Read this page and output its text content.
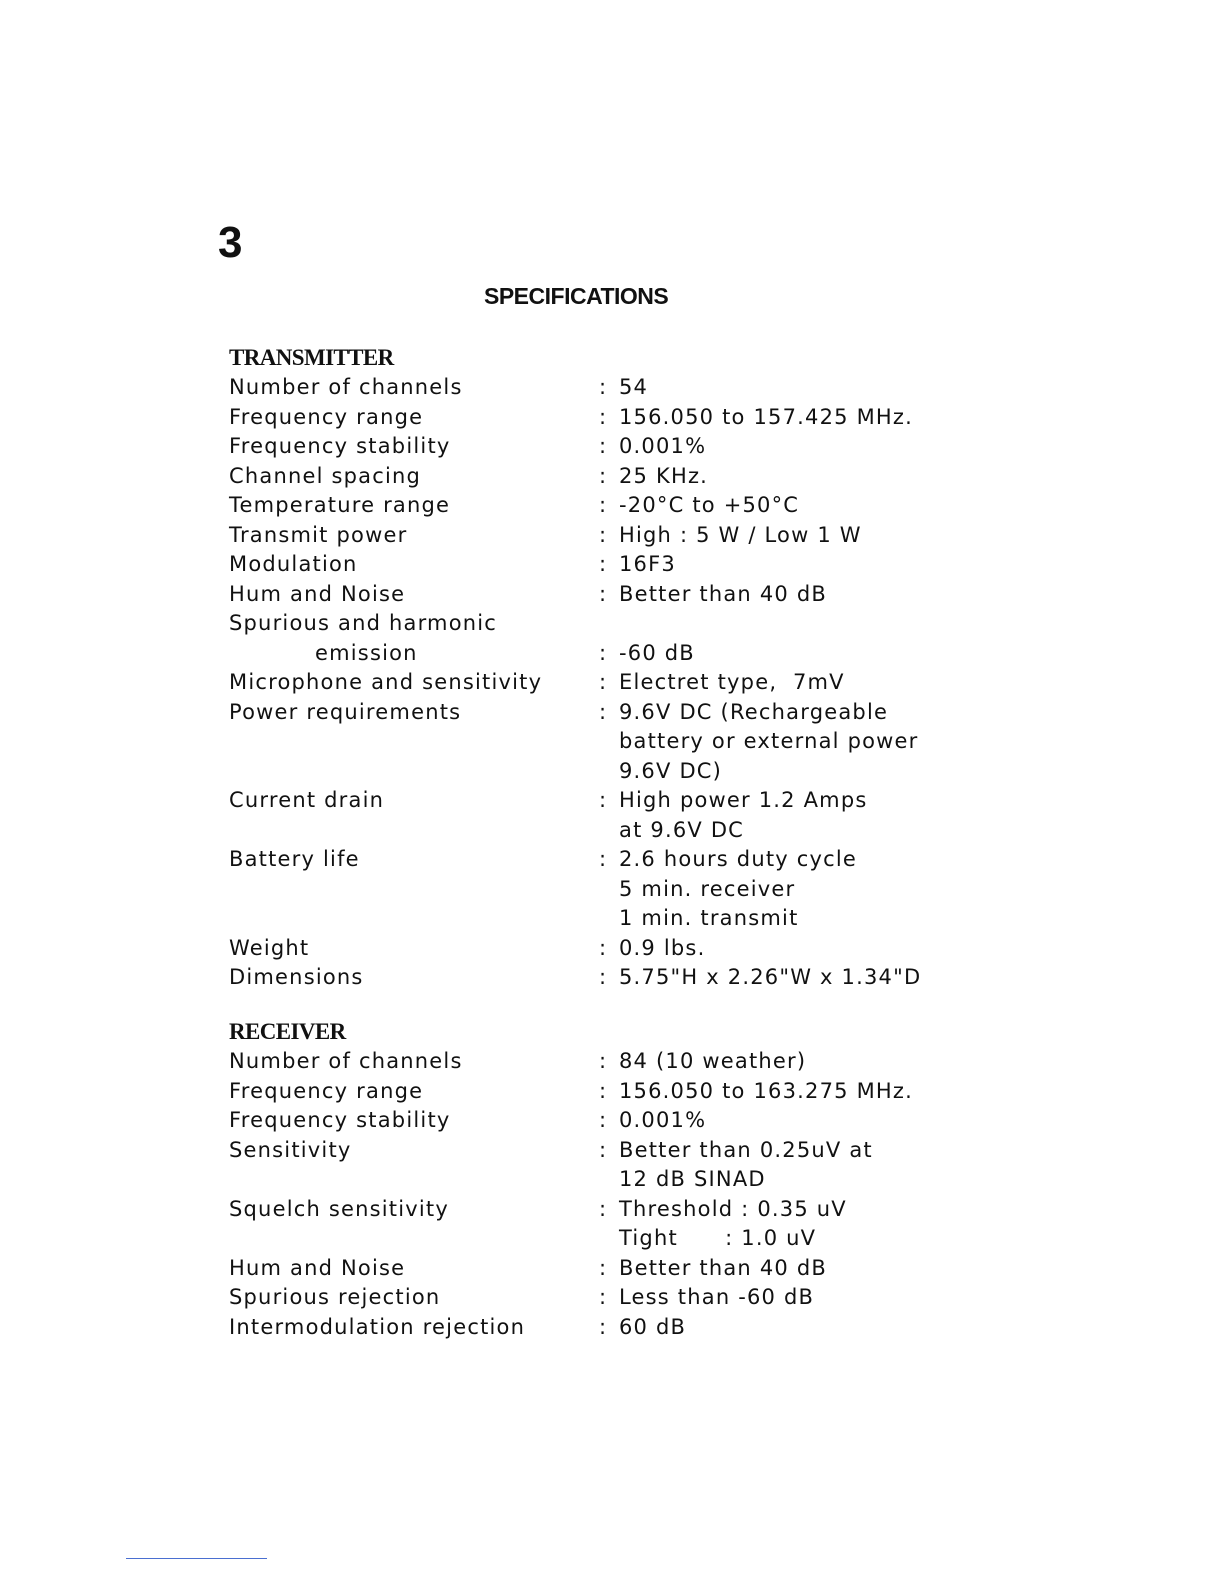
3
SPECIFICATIONS
TRANSMITTER
Number of channels	: 54
Frequency range	: 156.050 to 157.425 MHz.
Frequency stability	: 0.001%
Channel spacing	: 25 KHz.
Temperature range	: -20°C to +50°C
Transmit power	: High : 5 W / Low 1 W
Modulation	: 16F3
Hum and Noise	: Better than 40 dB
Spurious and harmonic
emission	: -60 dB
Microphone and sensitivity	: Electret type,  7mV
Power requirements	: 9.6V DC (Rechargeable
battery or external power
9.6V DC)
Current drain	: High power 1.2 Amps
at 9.6V DC
Battery life	: 2.6 hours duty cycle
5 min. receiver
1 min. transmit
Weight	: 0.9 lbs.
Dimensions	: 5.75"H x 2.26"W x 1.34"D
RECEIVER
Number of channels	: 84 (10 weather)
Frequency range	: 156.050 to 163.275 MHz.
Frequency stability	: 0.001%
Sensitivity	: Better than 0.25uV at
12 dB SINAD
Squelch sensitivity	: Threshold : 0.35 uV
Tight      : 1.0 uV
Hum and Noise	: Better than 40 dB
Spurious rejection	: Less than -60 dB
Intermodulation rejection	: 60 dB
